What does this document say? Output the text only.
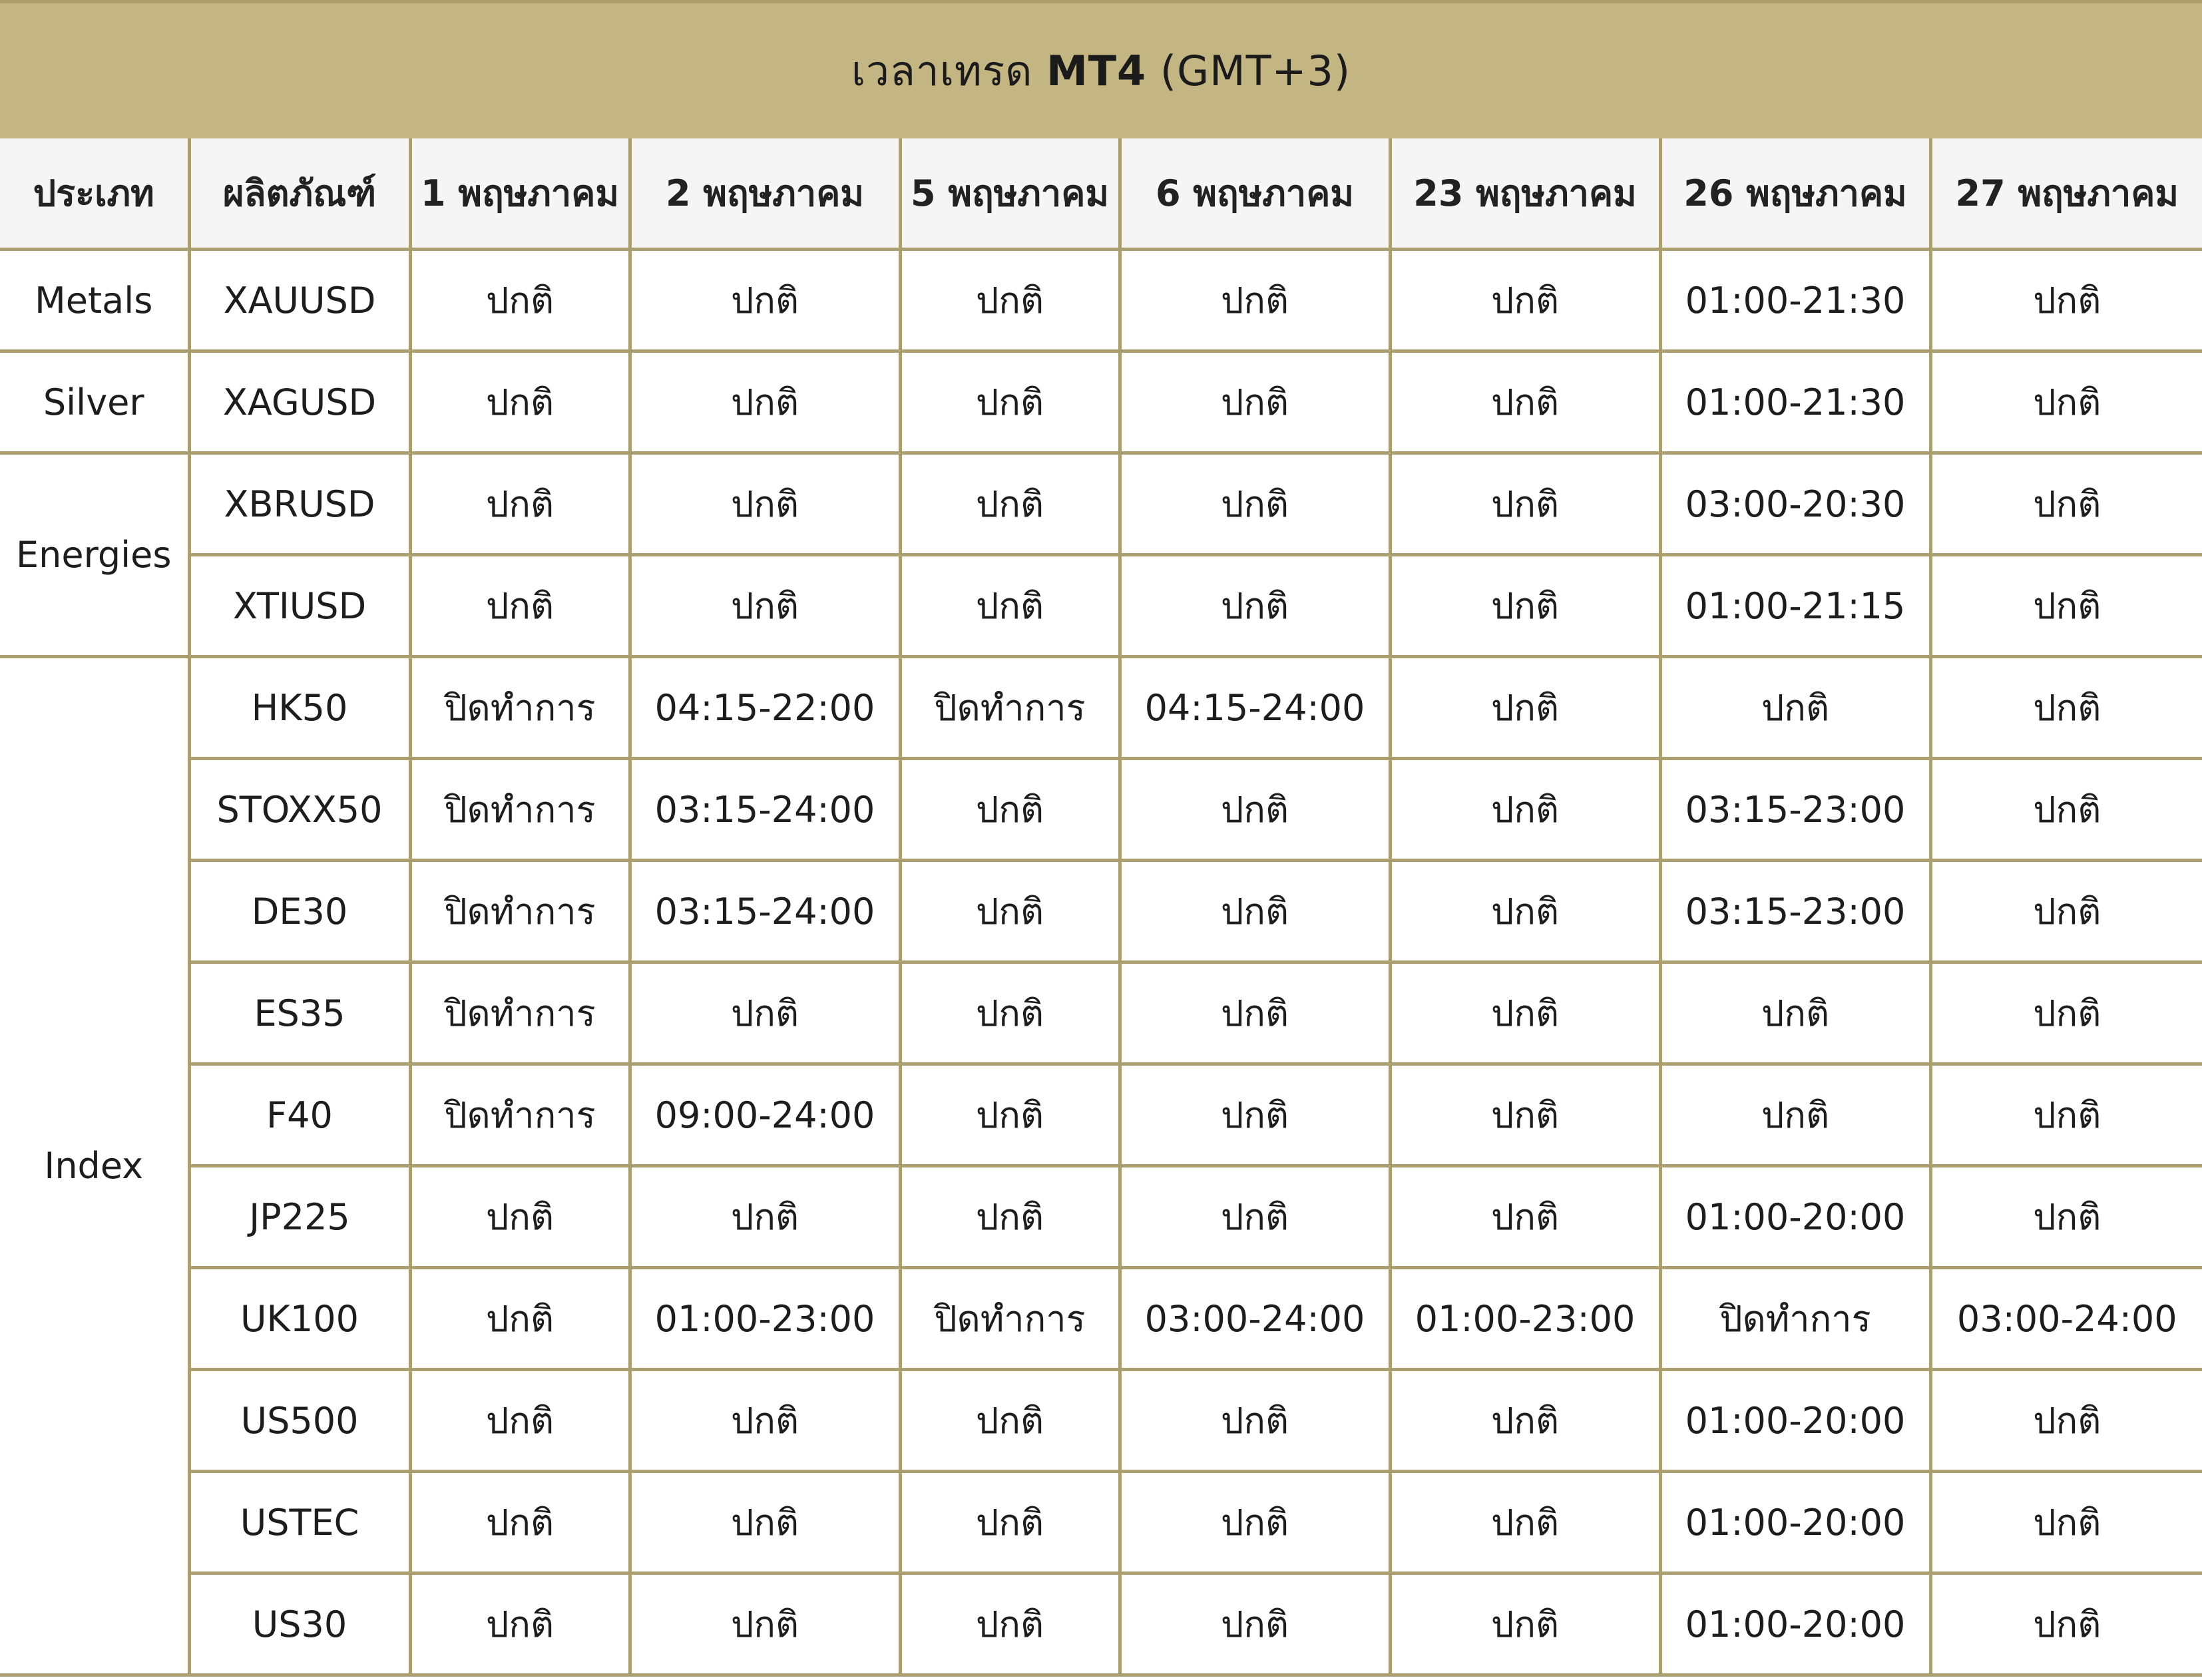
เวลาเทรด MT4 (GMT+3)
ประเภท	ผลิตภัณฑ์	1 พฤษภาคม	2 พฤษภาคม	5 พฤษภาคม	6 พฤษภาคม	23 พฤษภาคม	26 พฤษภาคม	27 พฤษภาคม
Metals	XAUUSD	ปกติ	ปกติ	ปกติ	ปกติ	ปกติ	01:00-21:30	ปกติ
Silver	XAGUSD	ปกติ	ปกติ	ปกติ	ปกติ	ปกติ	01:00-21:30	ปกติ
Energies	XBRUSD	ปกติ	ปกติ	ปกติ	ปกติ	ปกติ	03:00-20:30	ปกติ
	XTIUSD	ปกติ	ปกติ	ปกติ	ปกติ	ปกติ	01:00-21:15	ปกติ
Index	HK50	ปิดทำการ	04:15-22:00	ปิดทำการ	04:15-24:00	ปกติ	ปกติ	ปกติ
	STOXX50	ปิดทำการ	03:15-24:00	ปกติ	ปกติ	ปกติ	03:15-23:00	ปกติ
	DE30	ปิดทำการ	03:15-24:00	ปกติ	ปกติ	ปกติ	03:15-23:00	ปกติ
	ES35	ปิดทำการ	ปกติ	ปกติ	ปกติ	ปกติ	ปกติ	ปกติ
	F40	ปิดทำการ	09:00-24:00	ปกติ	ปกติ	ปกติ	ปกติ	ปกติ
	JP225	ปกติ	ปกติ	ปกติ	ปกติ	ปกติ	01:00-20:00	ปกติ
	UK100	ปกติ	01:00-23:00	ปิดทำการ	03:00-24:00	01:00-23:00	ปิดทำการ	03:00-24:00
	US500	ปกติ	ปกติ	ปกติ	ปกติ	ปกติ	01:00-20:00	ปกติ
	USTEC	ปกติ	ปกติ	ปกติ	ปกติ	ปกติ	01:00-20:00	ปกติ
	US30	ปกติ	ปกติ	ปกติ	ปกติ	ปกติ	01:00-20:00	ปกติ
